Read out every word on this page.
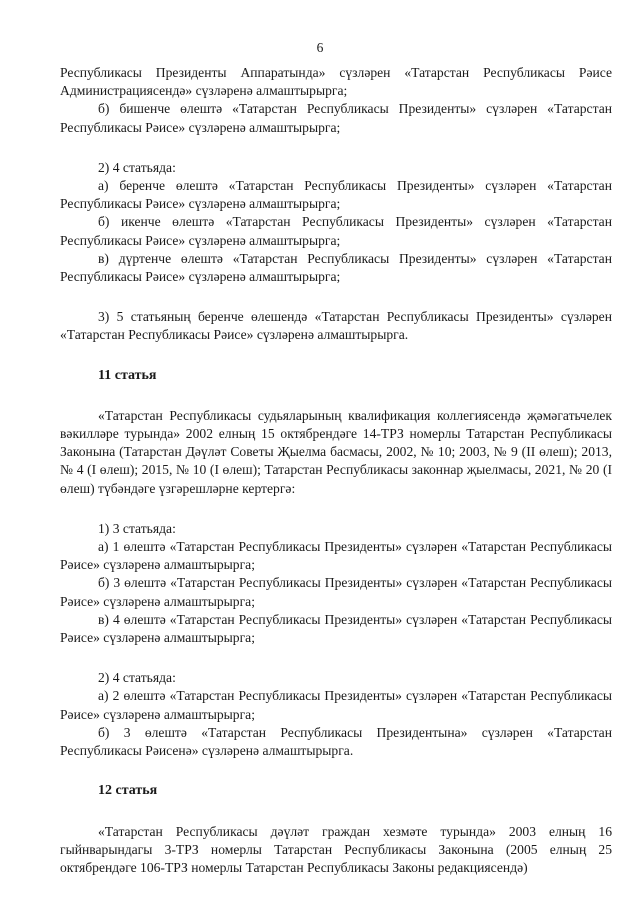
6

Республикасы Президенты Аппаратында» сүзләрен «Татарстан Республикасы Рәисе Администрациясендә» сүзләренә алмаштырырга;

б) бишенче өлештә «Татарстан Республикасы Президенты» сүзләрен «Татарстан Республикасы Рәисе» сүзләренә алмаштырырга;

2) 4 статьяда:

а) беренче өлештә «Татарстан Республикасы Президенты» сүзләрен «Татарстан Республикасы Рәисе» сүзләренә алмаштырырга;

б) икенче өлештә «Татарстан Республикасы Президенты» сүзләрен «Татарстан Республикасы Рәисе» сүзләренә алмаштырырга;

в) дүртенче өлештә «Татарстан Республикасы Президенты» сүзләрен «Татарстан Республикасы Рәисе» сүзләренә алмаштырырга;

3) 5 статьяның беренче өлешендә «Татарстан Республикасы Президенты» сүзләрен «Татарстан Республикасы Рәисе» сүзләренә алмаштырырга.

11 статья

«Татарстан Республикасы судьяларының квалификация коллегиясендә җәмәгатьчелек вәкилләре турында» 2002 елның 15 октябрендәге 14-ТРЗ номерлы Татарстан Республикасы Законына (Татарстан Дәүләт Советы Җыелма басмасы, 2002, № 10; 2003, № 9 (II өлеш); 2013, № 4 (I өлеш); 2015, № 10 (I өлеш); Татарстан Республикасы законнар җыелмасы, 2021, № 20 (I өлеш) түбәндәге үзгәрешләрне кертергә:

1) 3 статьяда:

а) 1 өлештә «Татарстан Республикасы Президенты» сүзләрен «Татарстан Республикасы Рәисе» сүзләренә алмаштырырга;

б) 3 өлештә «Татарстан Республикасы Президенты» сүзләрен «Татарстан Республикасы Рәисе» сүзләренә алмаштырырга;

в) 4 өлештә «Татарстан Республикасы Президенты» сүзләрен «Татарстан Республикасы Рәисе» сүзләренә алмаштырырга;

2) 4 статьяда:

а) 2 өлештә «Татарстан Республикасы Президенты» сүзләрен «Татарстан Республикасы Рәисе» сүзләренә алмаштырырга;

б) 3 өлештә «Татарстан Республикасы Президентына» сүзләрен «Татарстан Республикасы Рәисенә» сүзләренә алмаштырырга.

12 статья

«Татарстан Республикасы дәүләт граждан хезмәте турында» 2003 елның 16 гыйнварындагы 3-ТРЗ номерлы Татарстан Республикасы Законына (2005 елның 25 октябрендәге 106-ТРЗ номерлы Татарстан Республикасы Законы редакциясендә)
